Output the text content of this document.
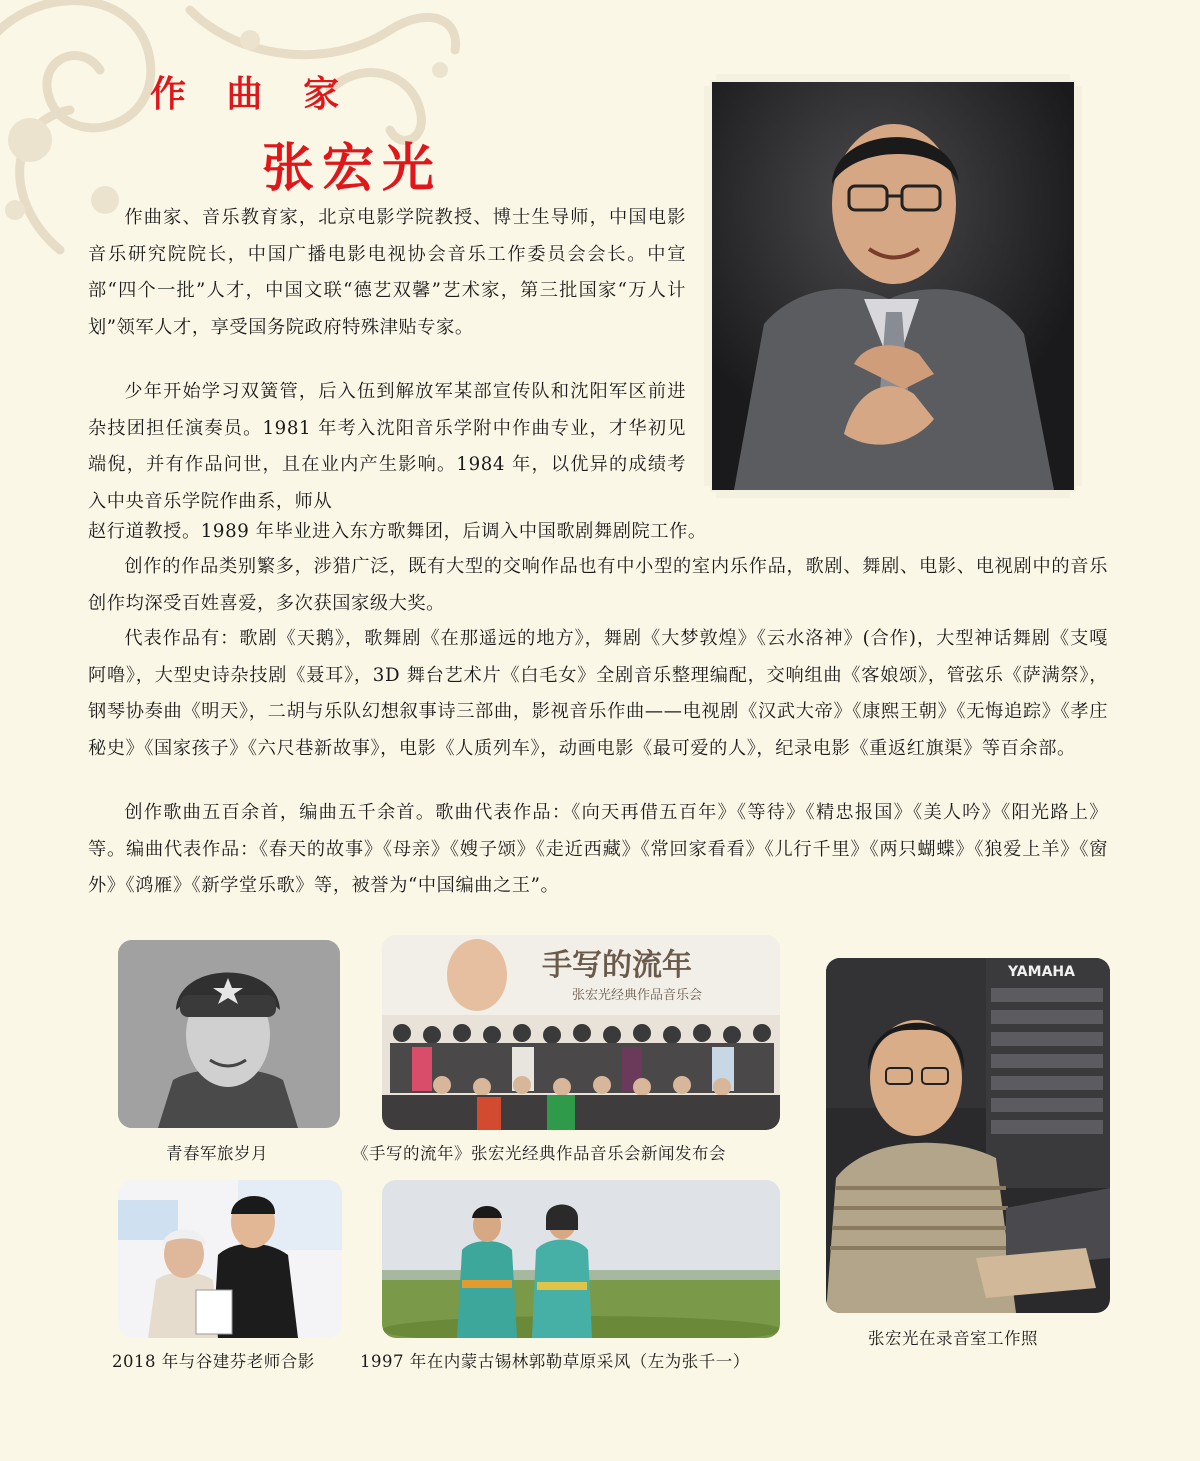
作 曲 家
张宏光

作曲家、音乐教育家，北京电影学院教授、博士生导师，中国电影音乐研究院院长，中国广播电影电视协会音乐工作委员会会长。中宣部“四个一批”人才，中国文联“德艺双馨”艺术家，第三批国家“万人计划”领军人才，享受国务院政府特殊津贴专家。

少年开始学习双簧管，后入伍到解放军某部宣传队和沈阳军区前进杂技团担任演奏员。1981 年考入沈阳音乐学附中作曲专业，才华初见端倪，并有作品问世，且在业内产生影响。1984 年，以优异的成绩考入中央音乐学院作曲系，师从

赵行道教授。1989 年毕业进入东方歌舞团，后调入中国歌剧舞剧院工作。

创作的作品类别繁多，涉猎广泛，既有大型的交响作品也有中小型的室内乐作品，歌剧、舞剧、电影、电视剧中的音乐创作均深受百姓喜爱，多次获国家级大奖。

代表作品有：歌剧《天鹅》，歌舞剧《在那遥远的地方》，舞剧《大梦敦煌》《云水洛神》(合作)，大型神话舞剧《支嘎阿噜》，大型史诗杂技剧《聂耳》，3D 舞台艺术片《白毛女》全剧音乐整理编配，交响组曲《客娘颂》，管弦乐《萨满祭》，钢琴协奏曲《明天》，二胡与乐队幻想叙事诗三部曲，影视音乐作曲——电视剧《汉武大帝》《康熙王朝》《无悔追踪》《孝庄秘史》《国家孩子》《六尺巷新故事》，电影《人质列车》，动画电影《最可爱的人》，纪录电影《重返红旗渠》等百余部。

创作歌曲五百余首，编曲五千余首。歌曲代表作品：《向天再借五百年》《等待》《精忠报国》《美人吟》《阳光路上》等。编曲代表作品：《春天的故事》《母亲》《嫂子颂》《走近西藏》《常回家看看》《儿行千里》《两只蝴蝶》《狼爱上羊》《窗外》《鸿雁》《新学堂乐歌》等，被誉为“中国编曲之王”。

青春军旅岁月

手写的流年
张宏光经典作品音乐会

《手写的流年》张宏光经典作品音乐会新闻发布会

2018 年与谷建芬老师合影	1997 年在内蒙古锡林郭勒草原采风（左为张千一）

YAMAHA

张宏光在录音室工作照
